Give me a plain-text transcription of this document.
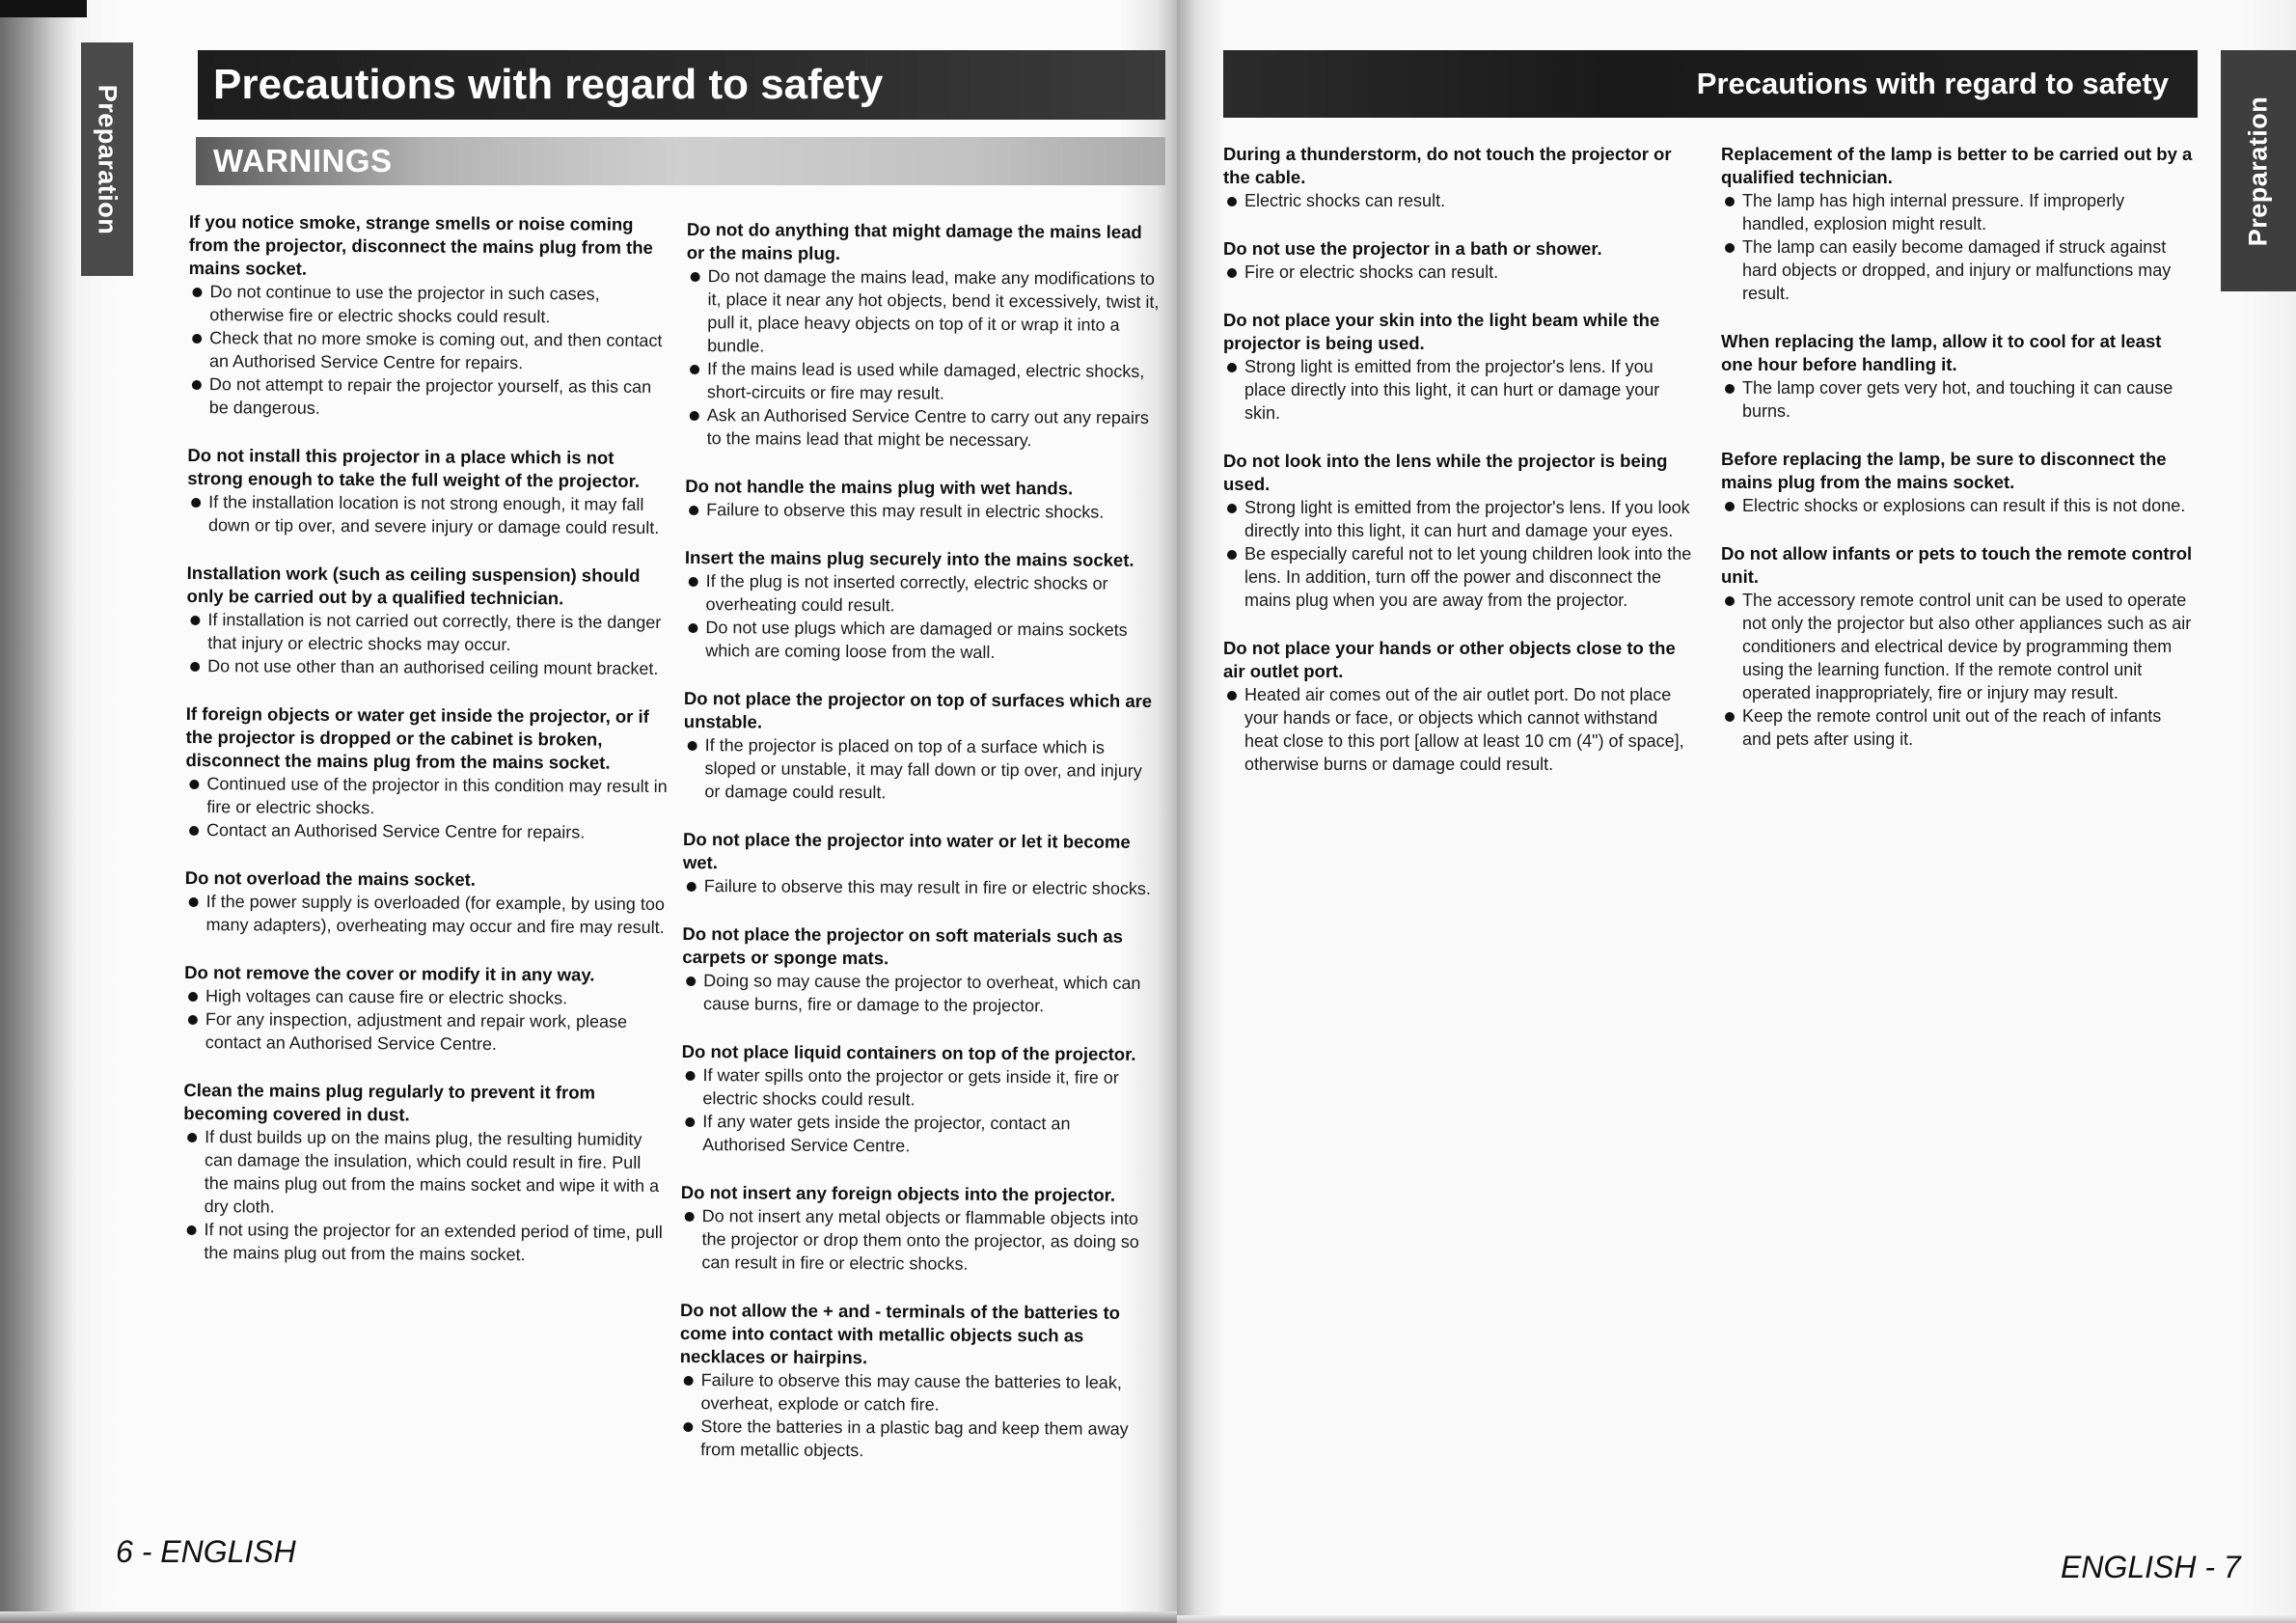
Preparation	Preparation
Precautions with regard to safety	Precautions with regard to safety
WARNINGS
If you notice smoke, strange smells or noise coming from the projector, disconnect the mains plug from the mains socket.
Do not continue to use the projector in such cases, otherwise fire or electric shocks could result.
Check that no more smoke is coming out, and then contact an Authorised Service Centre for repairs.
Do not attempt to repair the projector yourself, as this can be dangerous.
Do not install this projector in a place which is not strong enough to take the full weight of the projector.
If the installation location is not strong enough, it may fall down or tip over, and severe injury or damage could result.
Installation work (such as ceiling suspension) should only be carried out by a qualified technician.
If installation is not carried out correctly, there is the danger that injury or electric shocks may occur.
Do not use other than an authorised ceiling mount bracket.
If foreign objects or water get inside the projector, or if the projector is dropped or the cabinet is broken, disconnect the mains plug from the mains socket.
Continued use of the projector in this condition may result in fire or electric shocks.
Contact an Authorised Service Centre for repairs.
Do not overload the mains socket.
If the power supply is overloaded (for example, by using too many adapters), overheating may occur and fire may result.
Do not remove the cover or modify it in any way.
High voltages can cause fire or electric shocks.
For any inspection, adjustment and repair work, please contact an Authorised Service Centre.
Clean the mains plug regularly to prevent it from becoming covered in dust.
If dust builds up on the mains plug, the resulting humidity can damage the insulation, which could result in fire. Pull the mains plug out from the mains socket and wipe it with a dry cloth.
If not using the projector for an extended period of time, pull the mains plug out from the mains socket.
Do not do anything that might damage the mains lead or the mains plug.
Do not damage the mains lead, make any modifications to it, place it near any hot objects, bend it excessively, twist it, pull it, place heavy objects on top of it or wrap it into a bundle.
If the mains lead is used while damaged, electric shocks, short-circuits or fire may result.
Ask an Authorised Service Centre to carry out any repairs to the mains lead that might be necessary.
Do not handle the mains plug with wet hands.
Failure to observe this may result in electric shocks.
Insert the mains plug securely into the mains socket.
If the plug is not inserted correctly, electric shocks or overheating could result.
Do not use plugs which are damaged or mains sockets which are coming loose from the wall.
Do not place the projector on top of surfaces which are unstable.
If the projector is placed on top of a surface which is sloped or unstable, it may fall down or tip over, and injury or damage could result.
Do not place the projector into water or let it become wet.
Failure to observe this may result in fire or electric shocks.
Do not place the projector on soft materials such as carpets or sponge mats.
Doing so may cause the projector to overheat, which can cause burns, fire or damage to the projector.
Do not place liquid containers on top of the projector.
If water spills onto the projector or gets inside it, fire or electric shocks could result.
If any water gets inside the projector, contact an Authorised Service Centre.
Do not insert any foreign objects into the projector.
Do not insert any metal objects or flammable objects into the projector or drop them onto the projector, as doing so can result in fire or electric shocks.
Do not allow the + and - terminals of the batteries to come into contact with metallic objects such as necklaces or hairpins.
Failure to observe this may cause the batteries to leak, overheat, explode or catch fire.
Store the batteries in a plastic bag and keep them away from metallic objects.
During a thunderstorm, do not touch the projector or the cable.
Electric shocks can result.
Do not use the projector in a bath or shower.
Fire or electric shocks can result.
Do not place your skin into the light beam while the projector is being used.
Strong light is emitted from the projector's lens. If you place directly into this light, it can hurt or damage your skin.
Do not look into the lens while the projector is being used.
Strong light is emitted from the projector's lens. If you look directly into this light, it can hurt and damage your eyes.
Be especially careful not to let young children look into the lens. In addition, turn off the power and disconnect the mains plug when you are away from the projector.
Do not place your hands or other objects close to the air outlet port.
Heated air comes out of the air outlet port. Do not place your hands or face, or objects which cannot withstand heat close to this port [allow at least 10 cm (4") of space], otherwise burns or damage could result.
Replacement of the lamp is better to be carried out by a qualified technician.
The lamp has high internal pressure. If improperly handled, explosion might result.
The lamp can easily become damaged if struck against hard objects or dropped, and injury or malfunctions may result.
When replacing the lamp, allow it to cool for at least one hour before handling it.
The lamp cover gets very hot, and touching it can cause burns.
Before replacing the lamp, be sure to disconnect the mains plug from the mains socket.
Electric shocks or explosions can result if this is not done.
Do not allow infants or pets to touch the remote control unit.
The accessory remote control unit can be used to operate not only the projector but also other appliances such as air conditioners and electrical device by programming them using the learning function. If the remote control unit operated inappropriately, fire or injury may result.
Keep the remote control unit out of the reach of infants and pets after using it.
6 - ENGLISH	ENGLISH - 7
